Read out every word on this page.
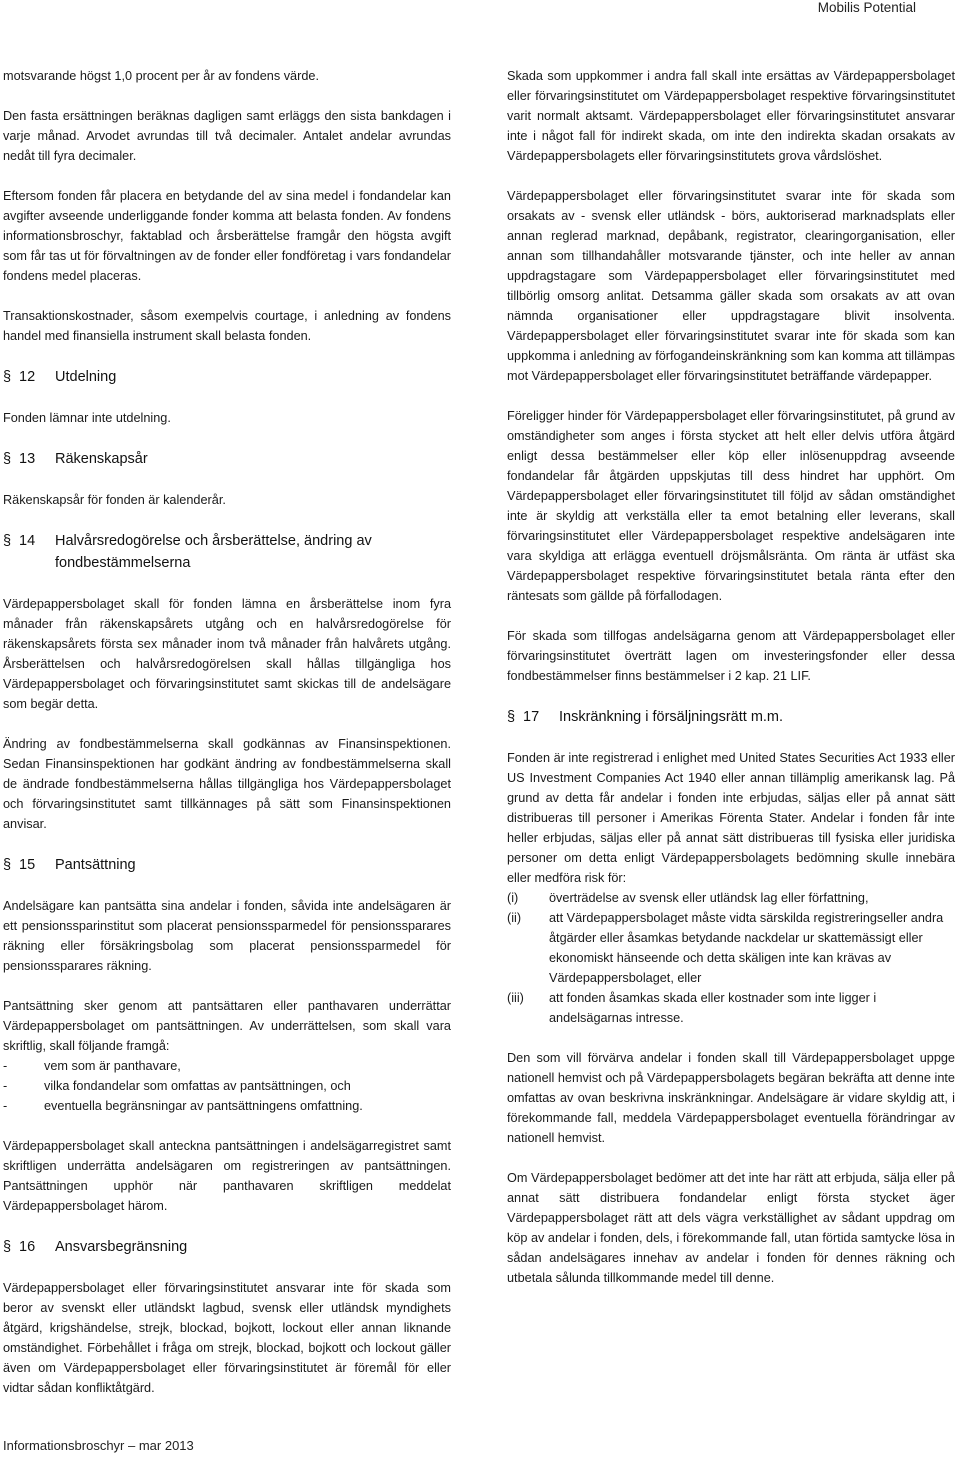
Mobilis Potential

motsvarande högst 1,0 procent per år av fondens värde.

Den fasta ersättningen beräknas dagligen samt erläggs den sista bankdagen i varje månad. Arvodet avrundas till två decimaler. Antalet andelar avrundas nedåt till fyra decimaler.

Eftersom fonden får placera en betydande del av sina medel i fondandelar kan avgifter avseende underliggande fonder komma att belasta fonden. Av fondens informationsbroschyr, faktablad och årsberättelse framgår den högsta avgift som får tas ut för förvaltningen av de fonder eller fondföretag i vars fondandelar fondens medel placeras.

Transaktionskostnader, såsom exempelvis courtage, i anledning av fondens handel med finansiella instrument skall belasta fonden.

§ 12	Utdelning

Fonden lämnar inte utdelning.

§ 13	Räkenskapsår

Räkenskapsår för fonden är kalenderår.

§ 14	Halvårsredogörelse och årsberättelse, ändring av fondbestämmelserna

Värdepappersbolaget skall för fonden lämna en årsberättelse inom fyra månader från räkenskapsårets utgång och en halvårsredogörelse för räkenskapsårets första sex månader inom två månader från halvårets utgång. Årsberättelsen och halvårsredogörelsen skall hållas tillgängliga hos Värdepappersbolaget och förvaringsinstitutet samt skickas till de andelsägare som begär detta.

Ändring av fondbestämmelserna skall godkännas av Finansinspektionen. Sedan Finansinspektionen har godkänt ändring av fondbestämmelserna skall de ändrade fondbestämmelserna hållas tillgängliga hos Värdepappersbolaget och förvaringsinstitutet samt tillkännages på sätt som Finansinspektionen anvisar.

§ 15	Pantsättning

Andelsägare kan pantsätta sina andelar i fonden, såvida inte andelsägaren är ett pensionssparinstitut som placerat pensionssparmedel för pensionssparares räkning eller försäkringsbolag som placerat pensionssparmedel för pensionssparares räkning.

Pantsättning sker genom att pantsättaren eller panthavaren underrättar Värdepappersbolaget om pantsättningen. Av underrättelsen, som skall vara skriftlig, skall följande framgå:

-	vem som är panthavare,
-	vilka fondandelar som omfattas av pantsättningen, och
-	eventuella begränsningar av pantsättningens omfattning.

Värdepappersbolaget skall anteckna pantsättningen i andelsägarregistret samt skriftligen underrätta andelsägaren om registreringen av pantsättningen. Pantsättningen upphör när panthavaren skriftligen meddelat Värdepappersbolaget härom.

§ 16	Ansvarsbegränsning

Värdepappersbolaget eller förvaringsinstitutet ansvarar inte för skada som beror av svenskt eller utländskt lagbud, svensk eller utländsk myndighets åtgärd, krigshändelse, strejk, blockad, bojkott, lockout eller annan liknande omständighet. Förbehållet i fråga om strejk, blockad, bojkott och lockout gäller även om Värdepappersbolaget eller förvaringsinstitutet är föremål för eller vidtar sådan konfliktåtgärd.

Skada som uppkommer i andra fall skall inte ersättas av Värdepappersbolaget eller förvaringsinstitutet om Värdepappersbolaget respektive förvaringsinstitutet varit normalt aktsamt. Värdepappersbolaget eller förvaringsinstitutet ansvarar inte i något fall för indirekt skada, om inte den indirekta skadan orsakats av Värdepappersbolagets eller förvaringsinstitutets grova vårdslöshet.

Värdepappersbolaget eller förvaringsinstitutet svarar inte för skada som orsakats av - svensk eller utländsk - börs, auktoriserad marknadsplats eller annan reglerad marknad, depåbank, registrator, clearingorganisation, eller annan som tillhandahåller motsvarande tjänster, och inte heller av annan uppdragstagare som Värdepappersbolaget eller förvaringsinstitutet med tillbörlig omsorg anlitat. Detsamma gäller skada som orsakats av att ovan nämnda organisationer eller uppdragstagare blivit insolventa. Värdepappersbolaget eller förvaringsinstitutet svarar inte för skada som kan uppkomma i anledning av förfogandeinskränkning som kan komma att tillämpas mot Värdepappersbolaget eller förvaringsinstitutet beträffande värdepapper.

Föreligger hinder för Värdepappersbolaget eller förvaringsinstitutet, på grund av omständigheter som anges i första stycket att helt eller delvis utföra åtgärd enligt dessa bestämmelser eller köp eller inlösenuppdrag avseende fondandelar får åtgärden uppskjutas till dess hindret har upphört. Om Värdepappersbolaget eller förvaringsinstitutet till följd av sådan omständighet inte är skyldig att verkställa eller ta emot betalning eller leverans, skall förvaringsinstitutet eller Värdepappersbolaget respektive andelsägaren inte vara skyldiga att erlägga eventuell dröjsmålsränta. Om ränta är utfäst ska Värdepappersbolaget respektive förvaringsinstitutet betala ränta efter den räntesats som gällde på förfallodagen.

För skada som tillfogas andelsägarna genom att Värdepappersbolaget eller förvaringsinstitutet överträtt lagen om investeringsfonder eller dessa fondbestämmelser finns bestämmelser i 2 kap. 21 LIF.

§ 17	Inskränkning i försäljningsrätt m.m.

Fonden är inte registrerad i enlighet med United States Securities Act 1933 eller US Investment Companies Act 1940 eller annan tillämplig amerikansk lag. På grund av detta får andelar i fonden inte erbjudas, säljas eller på annat sätt distribueras till personer i Amerikas Förenta Stater. Andelar i fonden får inte heller erbjudas, säljas eller på annat sätt distribueras till fysiska eller juridiska personer om detta enligt Värdepappersbolagets bedömning skulle innebära eller medföra risk för:

(i)	överträdelse av svensk eller utländsk lag eller författning,
(ii)	att Värdepappersbolaget måste vidta särskilda registreringseller andra åtgärder eller åsamkas betydande nackdelar ur skattemässigt eller ekonomiskt hänseende och detta skäligen inte kan krävas av Värdepappersbolaget, eller
(iii)	att fonden åsamkas skada eller kostnader som inte ligger i andelsägarnas intresse.

Den som vill förvärva andelar i fonden skall till Värdepappersbolaget uppge nationell hemvist och på Värdepappersbolagets begäran bekräfta att denne inte omfattas av ovan beskrivna inskränkningar. Andelsägare är vidare skyldig att, i förekommande fall, meddela Värdepappersbolaget eventuella förändringar av nationell hemvist.

Om Värdepappersbolaget bedömer att det inte har rätt att erbjuda, sälja eller på annat sätt distribuera fondandelar enligt första stycket äger Värdepappersbolaget rätt att dels vägra verkställighet av sådant uppdrag om köp av andelar i fonden, dels, i förekommande fall, utan förtida samtycke lösa in sådan andelsägares innehav av andelar i fonden för dennes räkning och utbetala sålunda tillkommande medel till denne.

Informationsbroschyr – mar 2013
